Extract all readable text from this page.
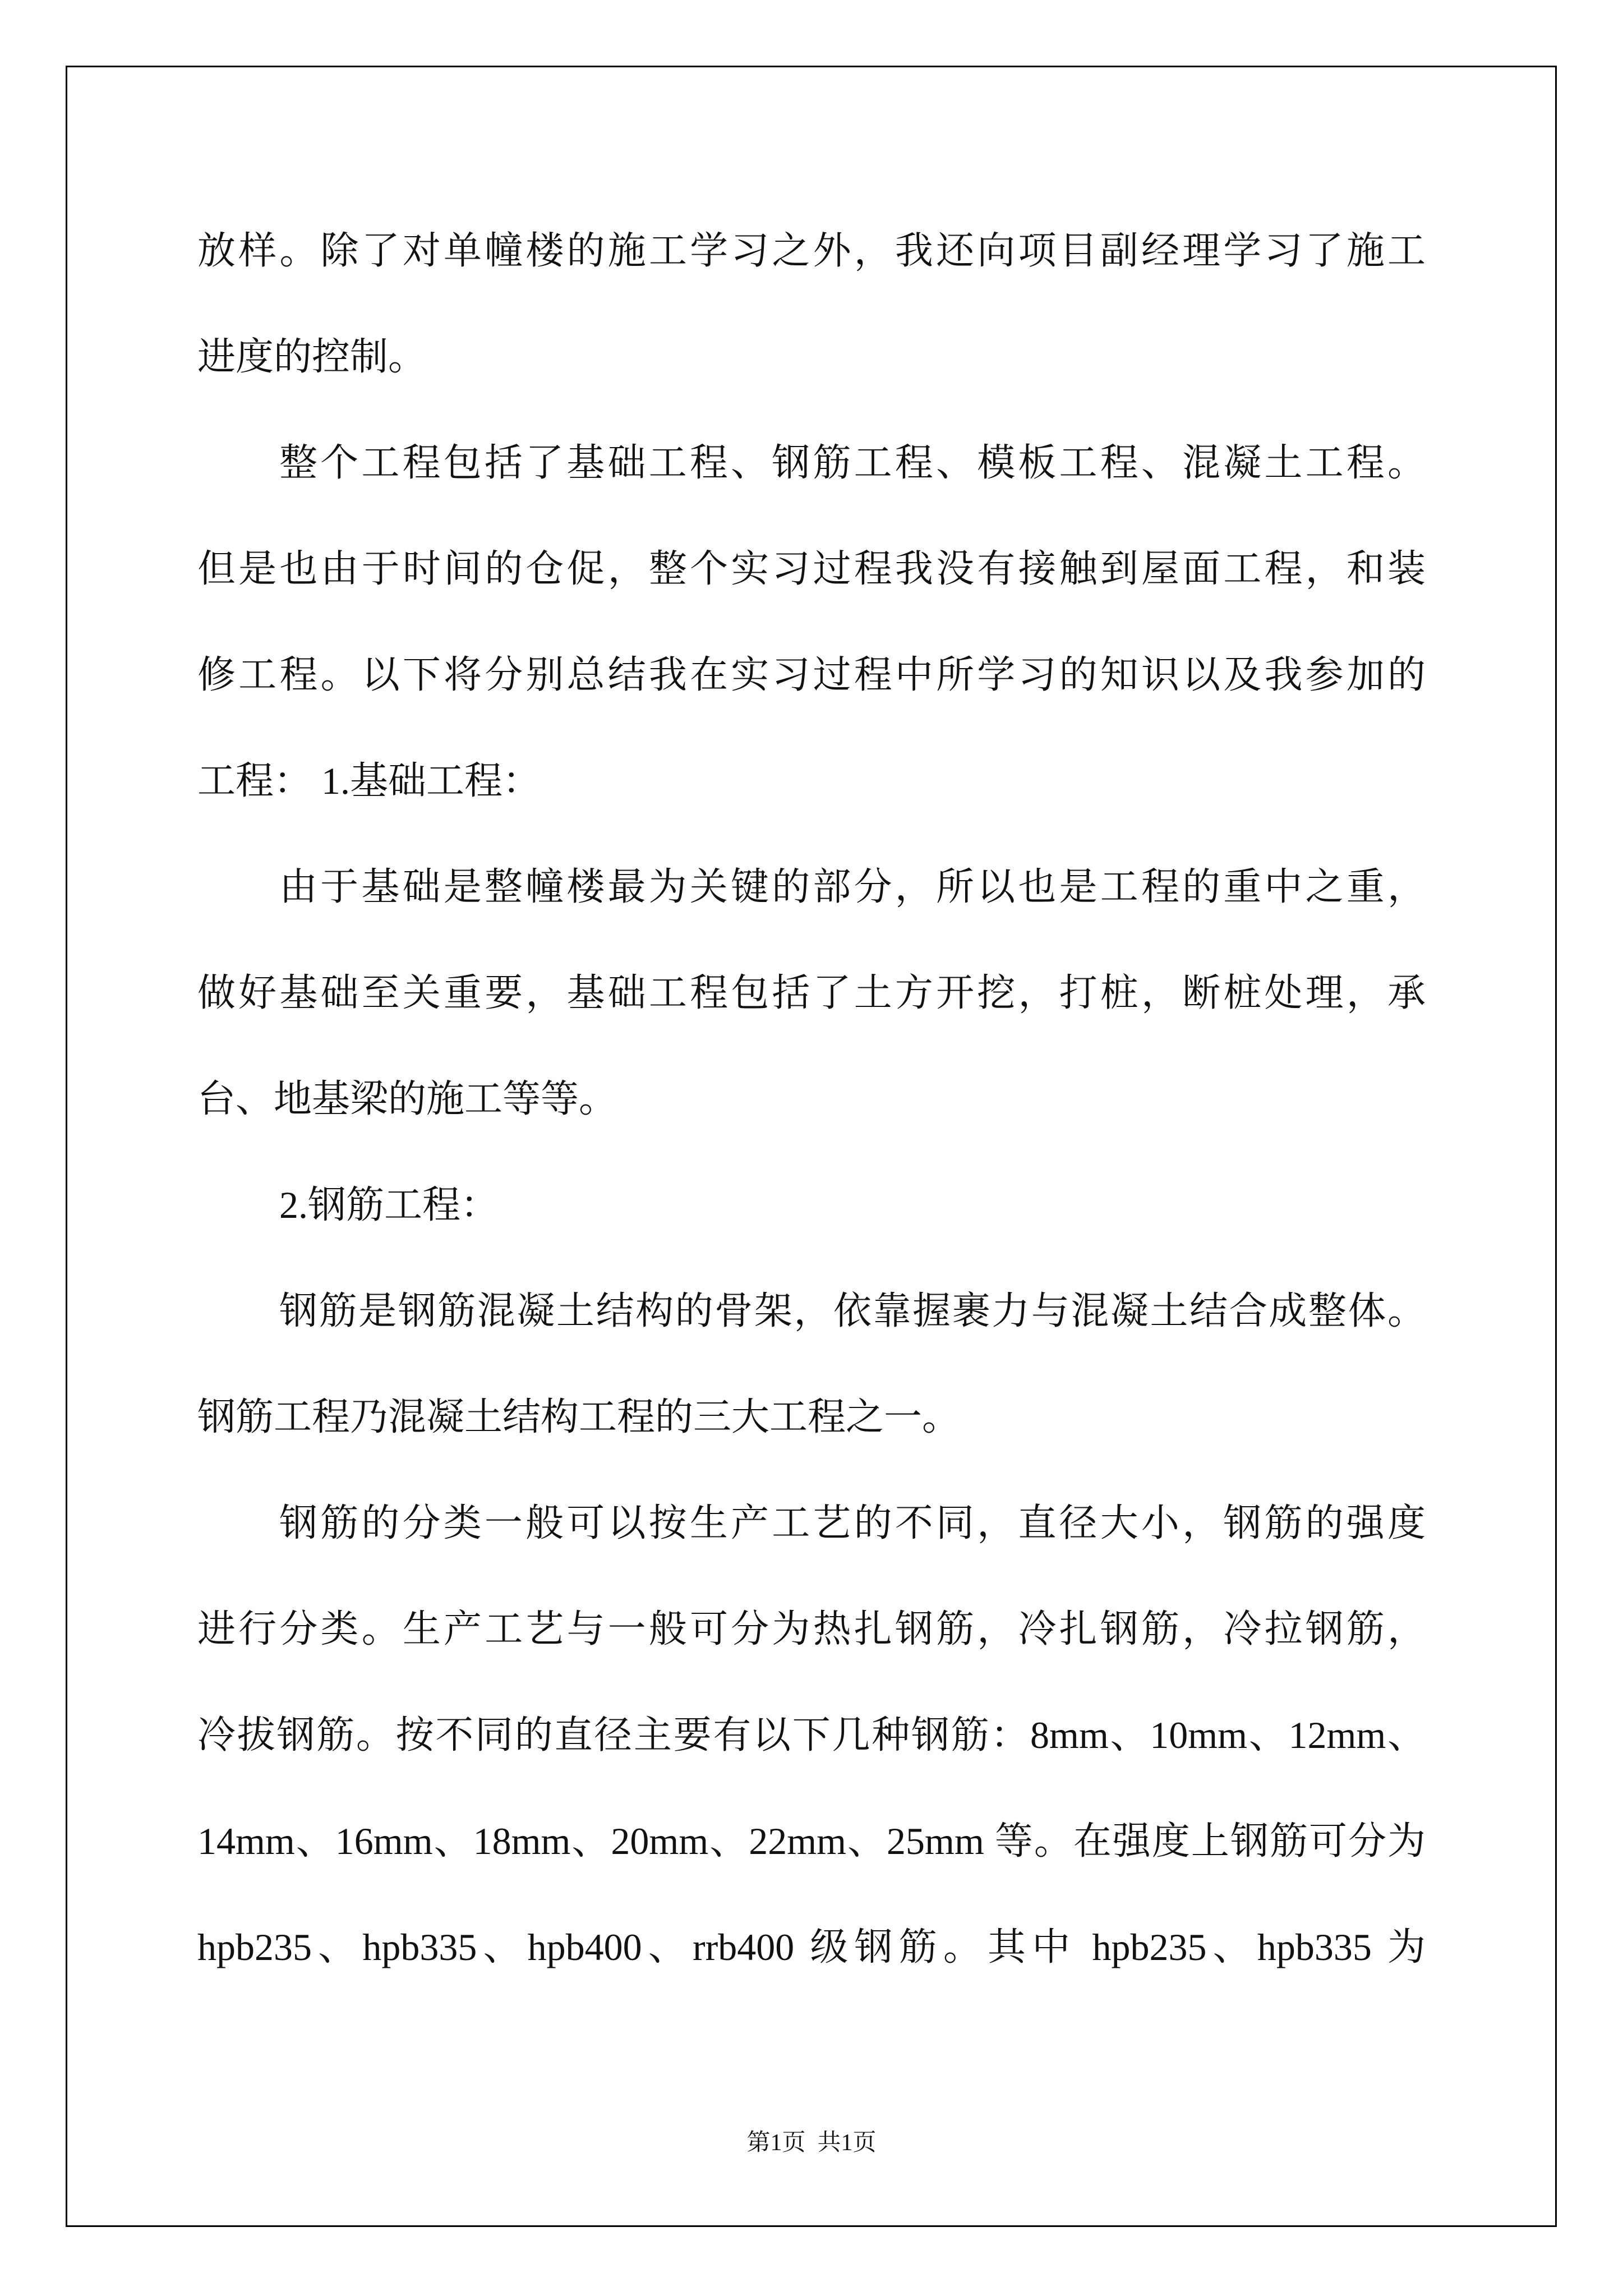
放样。除了对单幢楼的施工学习之外，我还向项目副经理学习了施工
进度的控制。
整个工程包括了基础工程、钢筋工程、模板工程、混凝土工程。
但是也由于时间的仓促，整个实习过程我没有接触到屋面工程，和装
修工程。以下将分别总结我在实习过程中所学习的知识以及我参加的
工程： 1.基础工程：
由于基础是整幢楼最为关键的部分，所以也是工程的重中之重，
做好基础至关重要，基础工程包括了土方开挖，打桩，断桩处理，承
台、地基梁的施工等等。
2.钢筋工程：
钢筋是钢筋混凝土结构的骨架，依靠握裹力与混凝土结合成整体。
钢筋工程乃混凝土结构工程的三大工程之一。
钢筋的分类一般可以按生产工艺的不同，直径大小，钢筋的强度
进行分类。生产工艺与一般可分为热扎钢筋，冷扎钢筋，冷拉钢筋，
冷拔钢筋。按不同的直径主要有以下几种钢筋：8mm、10mm、12mm、
14mm、16mm、18mm、20mm、22mm、25mm 等。在强度上钢筋可分为
hpb235、hpb335、hpb400、rrb400 级钢筋。其中 hpb235、hpb335 为
第1页  共1页
